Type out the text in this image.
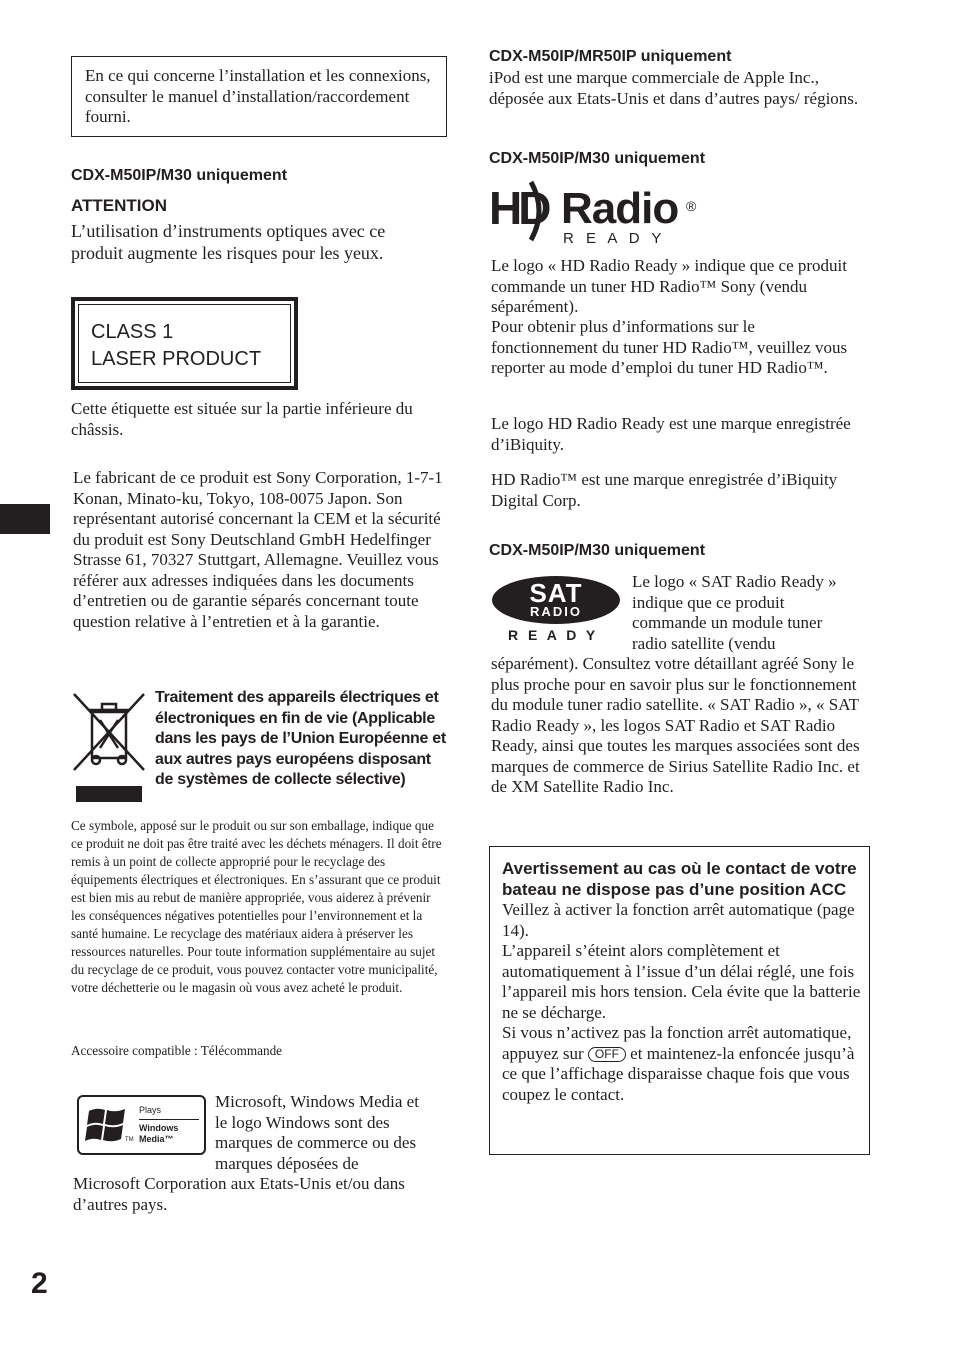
En ce qui concerne l’installation et les connexions, consulter le manuel d’installation/raccordement fourni.

CDX-M50IP/M30 uniquement
ATTENTION

L’utilisation d’instruments optiques avec ce produit augmente les risques pour les yeux.

CLASS 1
LASER PRODUCT

Cette étiquette est située sur la partie inférieure du châssis.

Le fabricant de ce produit est Sony Corporation, 1-7-1 Konan, Minato-ku, Tokyo, 108-0075 Japon. Son représentant autorisé concernant la CEM et la sécurité du produit est Sony Deutschland GmbH Hedelfinger Strasse 61, 70327 Stuttgart, Allemagne. Veuillez vous référer aux adresses indiquées dans les documents d’entretien ou de garantie séparés concernant toute question relative à l’entretien et à la garantie.

Traitement des appareils électriques et électroniques en fin de vie (Applicable dans les pays de l’Union Européenne et aux autres pays européens disposant de systèmes de collecte sélective)

Ce symbole, apposé sur le produit ou sur son emballage, indique que ce produit ne doit pas être traité avec les déchets ménagers. Il doit être remis à un point de collecte approprié pour le recyclage des équipements électriques et électroniques. En s’assurant que ce produit est bien mis au rebut de manière appropriée, vous aiderez à prévenir les conséquences négatives potentielles pour l’environnement et la santé humaine. Le recyclage des matériaux aidera à préserver les ressources naturelles. Pour toute information supplémentaire au sujet du recyclage de ce produit, vous pouvez contacter votre municipalité, votre déchetterie ou le magasin où vous avez acheté le produit.

Accessoire compatible : Télécommande

TM
Plays
Windows
Media™
Microsoft, Windows Media et
le logo Windows sont des
marques de commerce ou des
marques déposées de

Microsoft Corporation aux Etats-Unis et/ou dans d’autres pays.

2
CDX-M50IP/MR50IP uniquement

iPod est une marque commerciale de Apple Inc., déposée aux Etats-Unis et dans d’autres pays/ régions.

CDX-M50IP/M30 uniquement
HD Radio ®
R E A D Y

Le logo « HD Radio Ready » indique que ce produit commande un tuner HD Radio™ Sony (vendu séparément).

Pour obtenir plus d’informations sur le fonctionnement du tuner HD Radio™, veuillez vous reporter au mode d’emploi du tuner HD Radio™.

Le logo HD Radio Ready est une marque enregistrée d’iBiquity.

HD Radio™ est une marque enregistrée d’iBiquity Digital Corp.

CDX-M50IP/M30 uniquement
SAT
RADIO
R E A D Y
Le logo « SAT Radio Ready »
indique que ce produit
commande un module tuner
radio satellite (vendu

séparément). Consultez votre détaillant agréé Sony le plus proche pour en savoir plus sur le fonctionnement du module tuner radio satellite. « SAT Radio », « SAT Radio Ready », les logos SAT Radio et SAT Radio Ready, ainsi que toutes les marques associées sont des marques de commerce de Sirius Satellite Radio Inc. et de XM Satellite Radio Inc.

Avertissement au cas où le contact de votre bateau ne dispose pas d’une position ACC

Veillez à activer la fonction arrêt automatique (page 14).

L’appareil s’éteint alors complètement et automatiquement à l’issue d’un délai réglé, une fois l’appareil mis hors tension. Cela évite que la batterie ne se décharge.

Si vous n’activez pas la fonction arrêt automatique, appuyez sur OFF et maintenez-la enfoncée jusqu’à ce que l’affichage disparaisse chaque fois que vous coupez le contact.
